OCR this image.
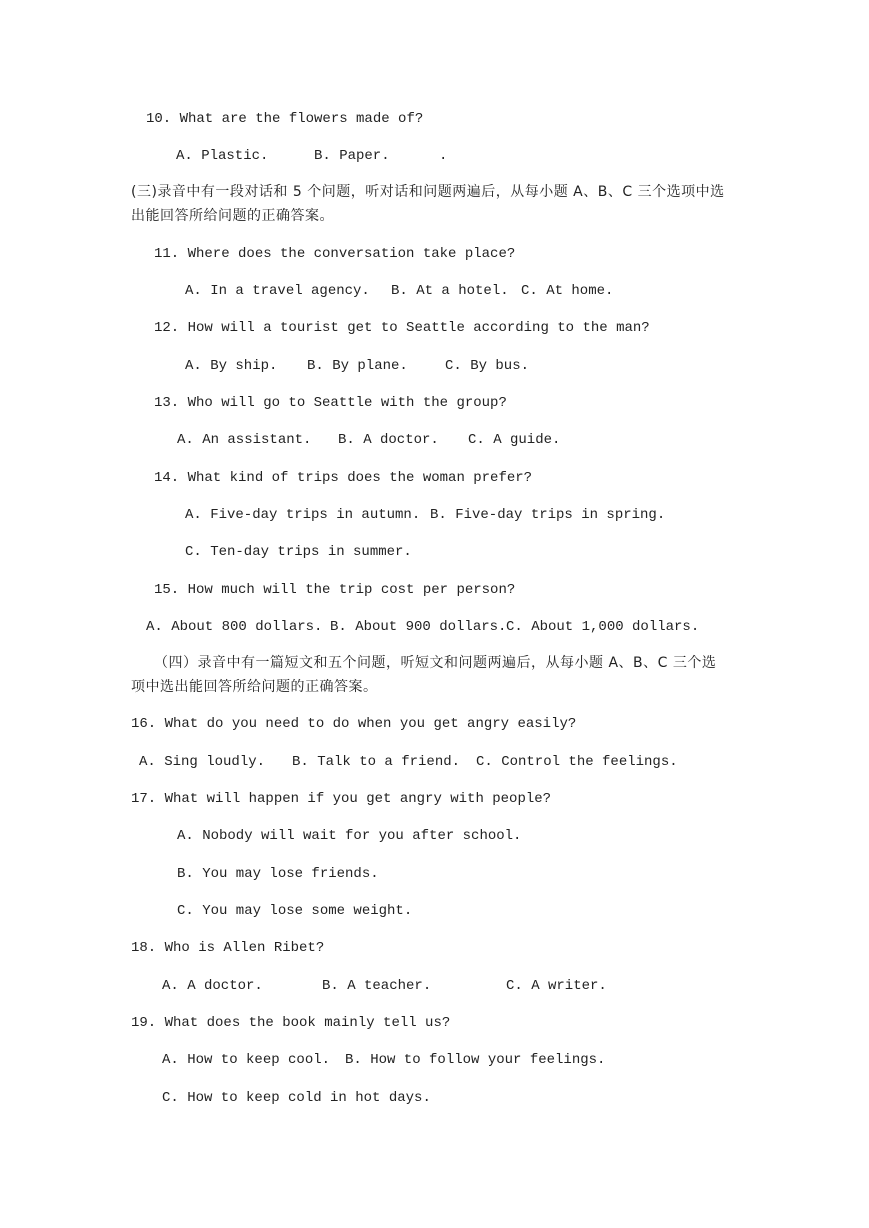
10. What are the flowers made of?
A. Plastic.	B. Paper.	.
(三)录音中有一段对话和 5 个问题，听对话和问题两遍后，从每小题 A、B、C 三个选项中选
出能回答所给问题的正确答案。
11. Where does the conversation take place?
A. In a travel agency. B. At a hotel. C. At home.
12. How will a tourist get to Seattle according to the man?
A. By ship. B. By plane.	C. By bus.
13. Who will go to Seattle with the group?
A. An assistant. B. A doctor. C. A guide.
14. What kind of trips does the woman prefer?
A. Five-day trips in autumn. B. Five-day trips in spring.
C. Ten-day trips in summer.
15. How much will the trip cost per person?
A. About 800 dollars. B. About 900 dollars. C. About 1,000 dollars.
（四）录音中有一篇短文和五个问题，听短文和问题两遍后，从每小题 A、B、C 三个选
项中选出能回答所给问题的正确答案。
16. What do you need to do when you get angry easily?
A. Sing loudly. B. Talk to a friend. C. Control the feelings.
17. What will happen if you get angry with people?
A. Nobody will wait for you after school.
B. You may lose friends.
C. You may lose some weight.
18. Who is Allen Ribet?
A. A doctor.	B. A teacher.	C. A writer.
19. What does the book mainly tell us?
A. How to keep cool. B. How to follow your feelings.
C. How to keep cold in hot days.
